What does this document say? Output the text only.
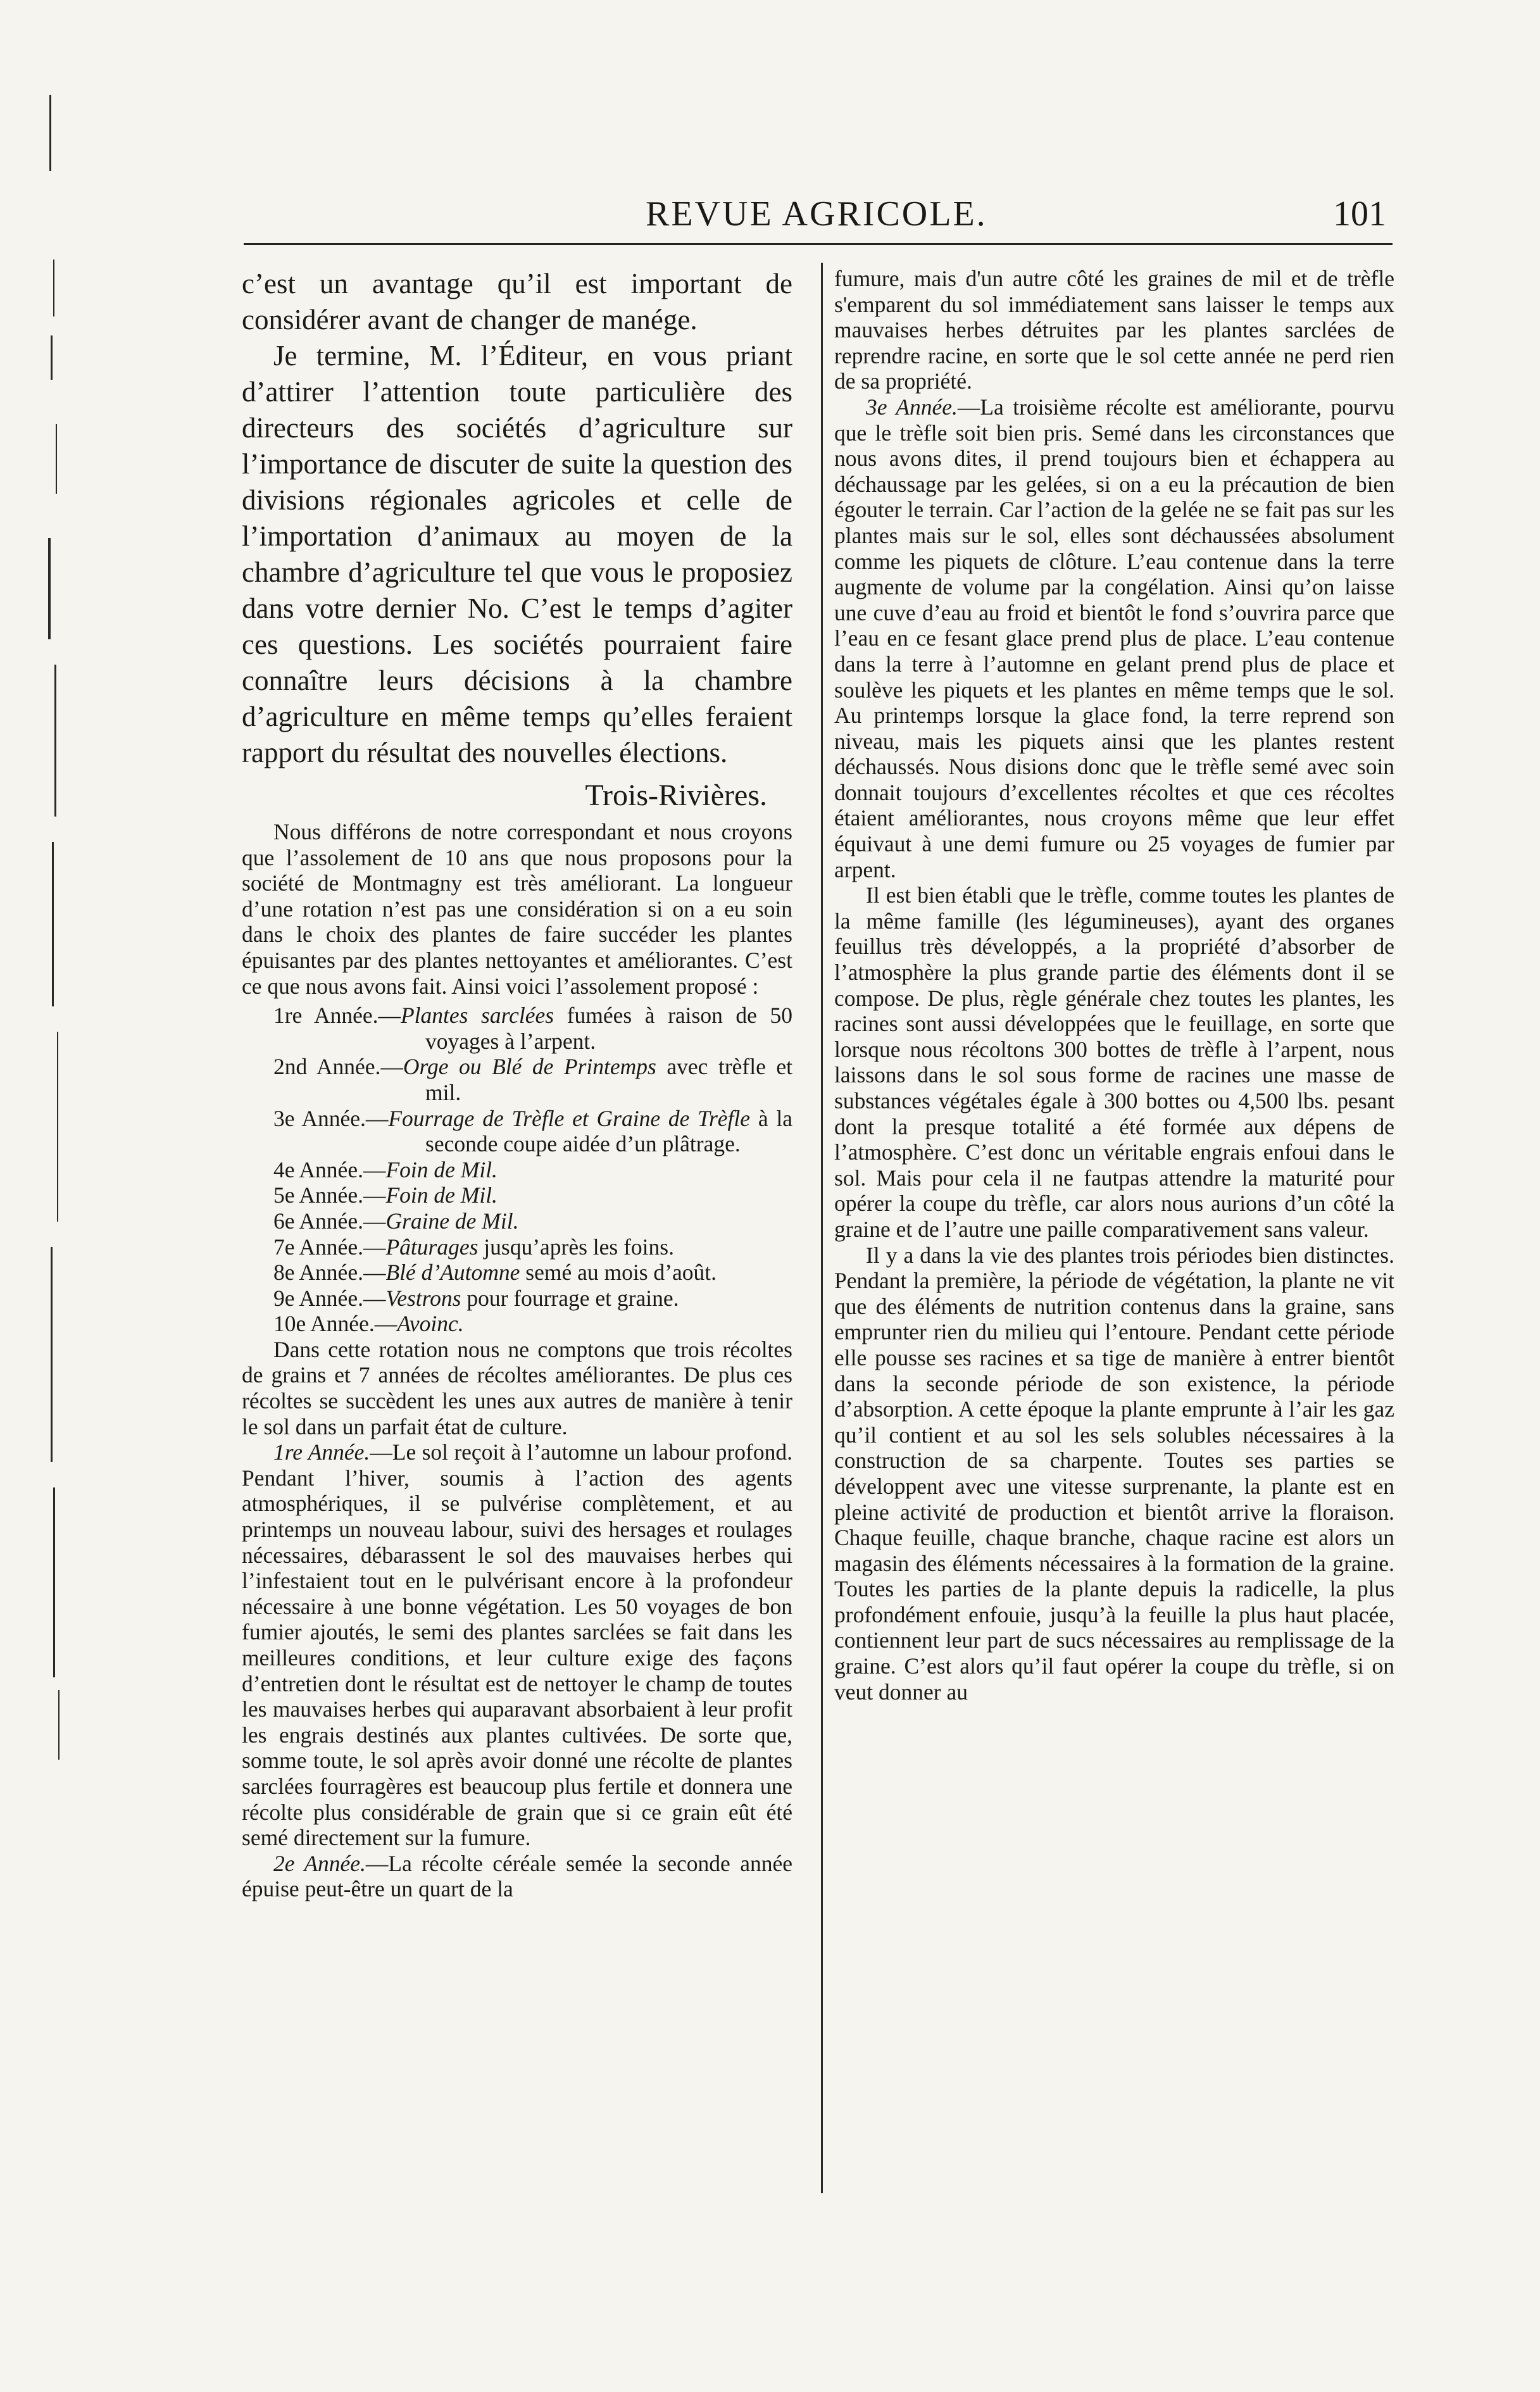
REVUE AGRICOLE.	101

c’est un avantage qu’il est important de considérer avant de changer de manége.

Je termine, M. l’Éditeur, en vous priant d’attirer l’attention toute particulière des directeurs des sociétés d’agriculture sur l’importance de discuter de suite la question des divisions régionales agricoles et celle de l’importation d’animaux au moyen de la chambre d’agriculture tel que vous le proposiez dans votre dernier No. C’est le temps d’agiter ces questions. Les sociétés pourraient faire connaître leurs décisions à la chambre d’agriculture en même temps qu’elles feraient rapport du résultat des nouvelles élections.

Trois-Rivières.

Nous différons de notre correspondant et nous croyons que l’assolement de 10 ans que nous proposons pour la société de Montmagny est très améliorant. La longueur d’une rotation n’est pas une considération si on a eu soin dans le choix des plantes de faire succéder les plantes épuisantes par des plantes nettoyantes et améliorantes. C’est ce que nous avons fait. Ainsi voici l’assolement proposé :

1re Année.—Plantes sarclées fumées à raison de 50 voyages à l’arpent.
2nd Année.—Orge ou Blé de Printemps avec trèfle et mil.
3e Année.—Fourrage de Trèfle et Graine de Trèfle à la seconde coupe aidée d’un plâtrage.
4e Année.—Foin de Mil.
5e Année.—Foin de Mil.
6e Année.—Graine de Mil.
7e Année.—Pâturages jusqu’après les foins.
8e Année.—Blé d’Automne semé au mois d’août.
9e Année.—Vestrons pour fourrage et graine.
10e Année.—Avoinc.

Dans cette rotation nous ne comptons que trois récoltes de grains et 7 années de récoltes améliorantes. De plus ces récoltes se succèdent les unes aux autres de manière à tenir le sol dans un parfait état de culture.

1re Année.—Le sol reçoit à l’automne un labour profond. Pendant l’hiver, soumis à l’action des agents atmosphériques, il se pulvérise complètement, et au printemps un nouveau labour, suivi des hersages et roulages nécessaires, débarassent le sol des mauvaises herbes qui l’infestaient tout en le pulvérisant encore à la profondeur nécessaire à une bonne végétation. Les 50 voyages de bon fumier ajoutés, le semi des plantes sarclées se fait dans les meilleures conditions, et leur culture exige des façons d’entretien dont le résultat est de nettoyer le champ de toutes les mauvaises herbes qui auparavant absorbaient à leur profit les engrais destinés aux plantes cultivées. De sorte que, somme toute, le sol après avoir donné une récolte de plantes sarclées fourragères est beaucoup plus fertile et donnera une récolte plus considérable de grain que si ce grain eût été semé directement sur la fumure.

2e Année.—La récolte céréale semée la seconde année épuise peut-être un quart de la

fumure, mais d'un autre côté les graines de mil et de trèfle s'emparent du sol immédiatement sans laisser le temps aux mauvaises herbes détruites par les plantes sarclées de reprendre racine, en sorte que le sol cette année ne perd rien de sa propriété.

3e Année.—La troisième récolte est améliorante, pourvu que le trèfle soit bien pris. Semé dans les circonstances que nous avons dites, il prend toujours bien et échappera au déchaussage par les gelées, si on a eu la précaution de bien égouter le terrain. Car l’action de la gelée ne se fait pas sur les plantes mais sur le sol, elles sont déchaussées absolument comme les piquets de clôture. L’eau contenue dans la terre augmente de volume par la congélation. Ainsi qu’on laisse une cuve d’eau au froid et bientôt le fond s’ouvrira parce que l’eau en ce fesant glace prend plus de place. L’eau contenue dans la terre à l’automne en gelant prend plus de place et soulève les piquets et les plantes en même temps que le sol. Au printemps lorsque la glace fond, la terre reprend son niveau, mais les piquets ainsi que les plantes restent déchaussés. Nous disions donc que le trèfle semé avec soin donnait toujours d’excellentes récoltes et que ces récoltes étaient améliorantes, nous croyons même que leur effet équivaut à une demi fumure ou 25 voyages de fumier par arpent.

Il est bien établi que le trèfle, comme toutes les plantes de la même famille (les légumineuses), ayant des organes feuillus très développés, a la propriété d’absorber de l’atmosphère la plus grande partie des éléments dont il se compose. De plus, règle générale chez toutes les plantes, les racines sont aussi développées que le feuillage, en sorte que lorsque nous récoltons 300 bottes de trèfle à l’arpent, nous laissons dans le sol sous forme de racines une masse de substances végétales égale à 300 bottes ou 4,500 lbs. pesant dont la presque totalité a été formée aux dépens de l’atmosphère. C’est donc un véritable engrais enfoui dans le sol. Mais pour cela il ne fautpas attendre la maturité pour opérer la coupe du trèfle, car alors nous aurions d’un côté la graine et de l’autre une paille comparativement sans valeur.

Il y a dans la vie des plantes trois périodes bien distinctes. Pendant la première, la période de végétation, la plante ne vit que des éléments de nutrition contenus dans la graine, sans emprunter rien du milieu qui l’entoure. Pendant cette période elle pousse ses racines et sa tige de manière à entrer bientôt dans la seconde période de son existence, la période d’absorption. A cette époque la plante emprunte à l’air les gaz qu’il contient et au sol les sels solubles nécessaires à la construction de sa charpente. Toutes ses parties se développent avec une vitesse surprenante, la plante est en pleine activité de production et bientôt arrive la floraison. Chaque feuille, chaque branche, chaque racine est alors un magasin des éléments nécessaires à la formation de la graine. Toutes les parties de la plante depuis la radicelle, la plus profondément enfouie, jusqu’à la feuille la plus haut placée, contiennent leur part de sucs nécessaires au remplissage de la graine. C’est alors qu’il faut opérer la coupe du trèfle, si on veut donner au
